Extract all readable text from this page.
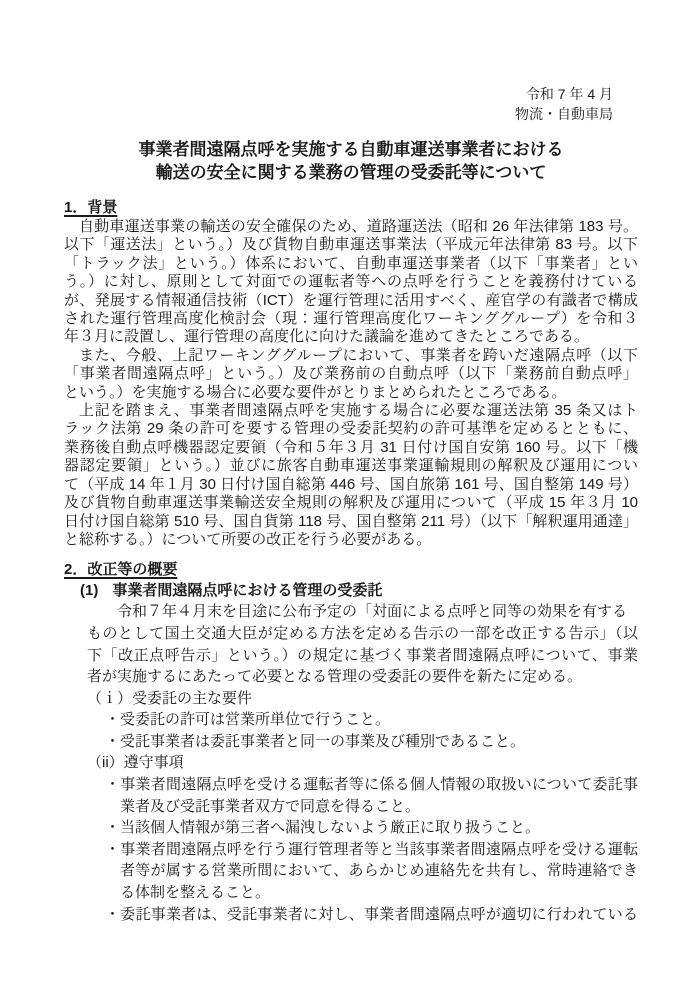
令和 7 年 4 月
物流・自動車局
事業者間遠隔点呼を実施する自動車運送事業者における
輸送の安全に関する業務の管理の受委託等について
1．背景
自動車運送事業の輸送の安全確保のため、道路運送法（昭和 26 年法律第 183 号。
以下「運送法」という。）及び貨物自動車運送事業法（平成元年法律第 83 号。以下
「トラック法」という。）体系において、自動車運送事業者（以下「事業者」とい
う。）に対し、原則として対面での運転者等への点呼を行うことを義務付けている
が、発展する情報通信技術（ICT）を運行管理に活用すべく、産官学の有識者で構成
された運行管理高度化検討会（現：運行管理高度化ワーキンググループ）を令和３
年３月に設置し、運行管理の高度化に向けた議論を進めてきたところである。
また、今般、上記ワーキンググループにおいて、事業者を跨いだ遠隔点呼（以下
「事業者間遠隔点呼」という。）及び業務前の自動点呼（以下「業務前自動点呼」
という。）を実施する場合に必要な要件がとりまとめられたところである。
上記を踏まえ、事業者間遠隔点呼を実施する場合に必要な運送法第 35 条又はト
ラック法第 29 条の許可を要する管理の受委託契約の許可基準を定めるとともに、
業務後自動点呼機器認定要領（令和５年３月 31 日付け国自安第 160 号。以下「機
器認定要領」という。）並びに旅客自動車運送事業運輸規則の解釈及び運用につい
て（平成 14 年１月 30 日付け国自総第 446 号、国自旅第 161 号、国自整第 149 号）
及び貨物自動車運送事業輸送安全規則の解釈及び運用について（平成 15 年３月 10
日付け国自総第 510 号、国自貨第 118 号、国自整第 211 号）（以下「解釈運用通達」
と総称する。）について所要の改正を行う必要がある。
2．改正等の概要
(1) 事業者間遠隔点呼における管理の受委託
令和７年４月末を目途に公布予定の「対面による点呼と同等の効果を有する
ものとして国土交通大臣が定める方法を定める告示の一部を改正する告示」（以
下「改正点呼告示」という。）の規定に基づく事業者間遠隔点呼について、事業
者が実施するにあたって必要となる管理の受委託の要件を新たに定める。
（ｉ）受委託の主な要件
・受委託の許可は営業所単位で行うこと。
・受託事業者は委託事業者と同一の事業及び種別であること。
（ii）遵守事項
・事業者間遠隔点呼を受ける運転者等に係る個人情報の取扱いについて委託事
業者及び受託事業者双方で同意を得ること。
・当該個人情報が第三者へ漏洩しないよう厳正に取り扱うこと。
・事業者間遠隔点呼を行う運行管理者等と当該事業者間遠隔点呼を受ける運転
者等が属する営業所間において、あらかじめ連絡先を共有し、常時連絡でき
る体制を整えること。
・委託事業者は、受託事業者に対し、事業者間遠隔点呼が適切に行われている
